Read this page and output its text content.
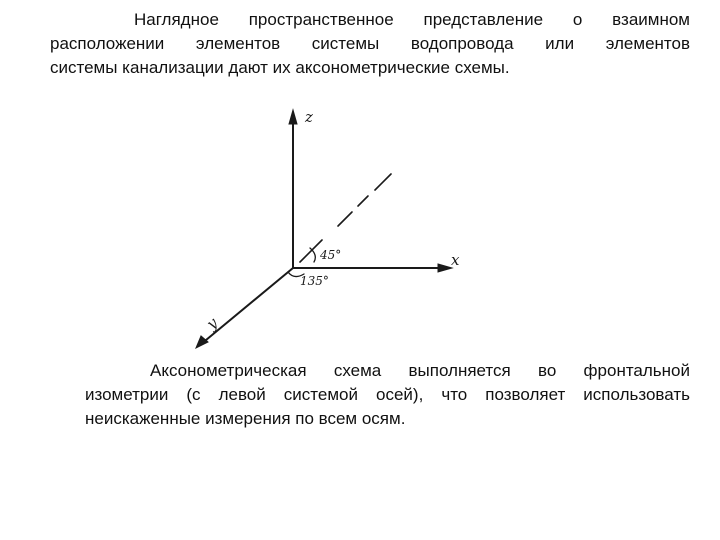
Наглядное пространственное представление о взаимном
расположении элементов системы водопровода или элементов
системы канализации дают их аксонометрические схемы.

z
x
y
45°
135°

Аксонометрическая схема выполняется во фронтальной
изометрии (с левой системой осей), что позволяет использовать
неискаженные измерения по всем осям.
